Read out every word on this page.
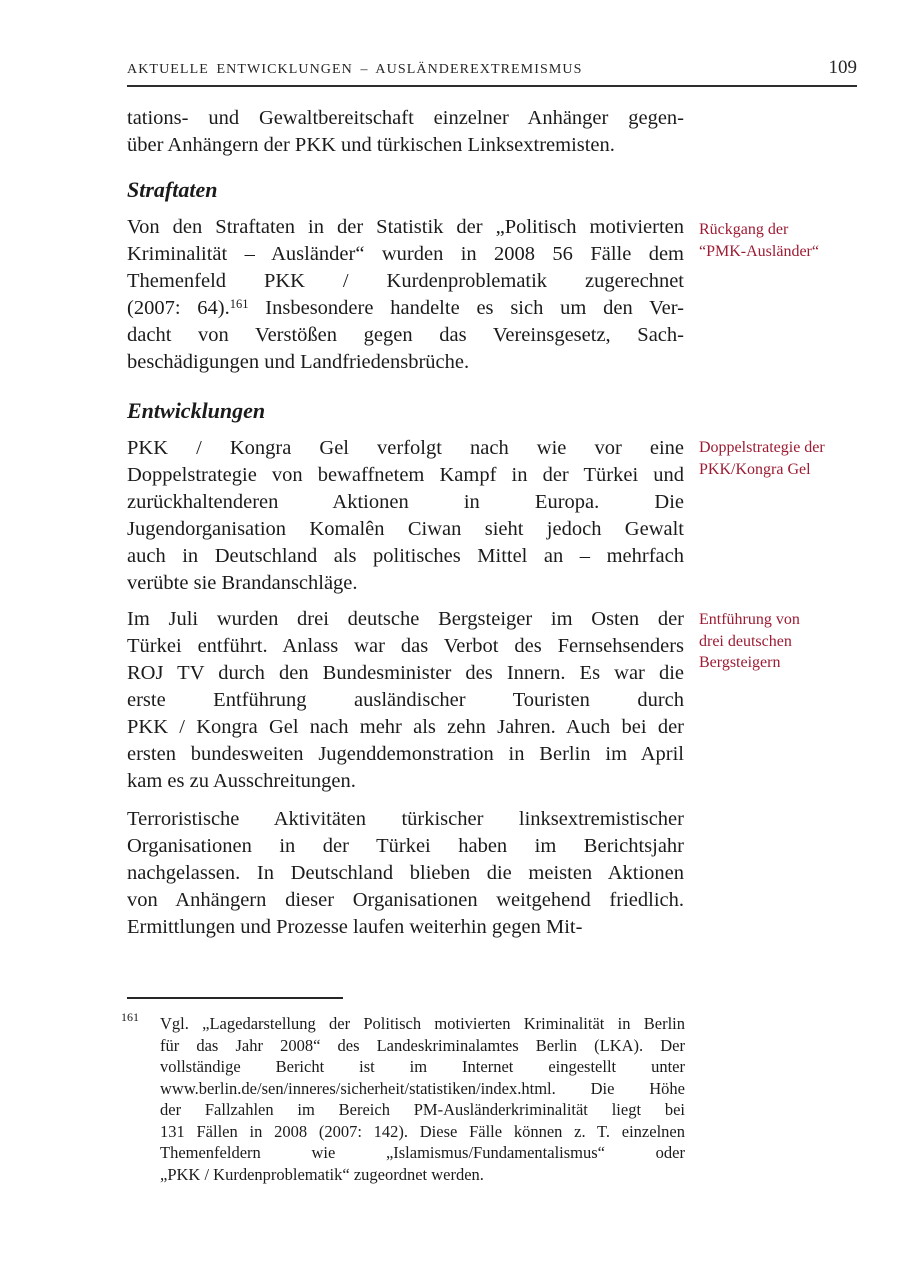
AKTUELLE ENTWICKLUNGEN – AUSLÄNDEREXTREMISMUS	109
tations- und Gewaltbereitschaft einzelner Anhänger gegen-
über Anhängern der PKK und türkischen Linksextremisten.
Straftaten
Von den Straftaten in der Statistik der „Politisch motivierten
Kriminalität – Ausländer“ wurden in 2008 56 Fälle dem
Themenfeld PKK / Kurdenproblematik zugerechnet
(2007: 64).$^{161}$ Insbesondere handelte es sich um den Ver-
dacht von Verstößen gegen das Vereinsgesetz, Sach-
beschädigungen und Landfriedensbrüche.
Entwicklungen
PKK / Kongra Gel verfolgt nach wie vor eine
Doppelstrategie von bewaffnetem Kampf in der Türkei und
zurückhaltenderen Aktionen in Europa. Die
Jugendorganisation Komalên Ciwan sieht jedoch Gewalt
auch in Deutschland als politisches Mittel an – mehrfach
verübte sie Brandanschläge.
Im Juli wurden drei deutsche Bergsteiger im Osten der
Türkei entführt. Anlass war das Verbot des Fernsehsenders
ROJ TV durch den Bundesminister des Innern. Es war die
erste Entführung ausländischer Touristen durch
PKK / Kongra Gel nach mehr als zehn Jahren. Auch bei der
ersten bundesweiten Jugenddemonstration in Berlin im April
kam es zu Ausschreitungen.
Terroristische Aktivitäten türkischer linksextremistischer
Organisationen in der Türkei haben im Berichtsjahr
nachgelassen. In Deutschland blieben die meisten Aktionen
von Anhängern dieser Organisationen weitgehend friedlich.
Ermittlungen und Prozesse laufen weiterhin gegen Mit-
Rückgang der
“PMK-Ausländer“
Doppelstrategie der
PKK/Kongra Gel
Entführung von
drei deutschen
Bergsteigern
161 Vgl. „Lagedarstellung der Politisch motivierten Kriminalität in Berlin
für das Jahr 2008“ des Landeskriminalamtes Berlin (LKA). Der
vollständige Bericht ist im Internet eingestellt unter
www.berlin.de/sen/inneres/sicherheit/statistiken/index.html. Die Höhe
der Fallzahlen im Bereich PM-Ausländerkriminalität liegt bei
131 Fällen in 2008 (2007: 142). Diese Fälle können z. T. einzelnen
Themenfeldern wie „Islamismus/Fundamentalismus“ oder
„PKK / Kurdenproblematik“ zugeordnet werden.
